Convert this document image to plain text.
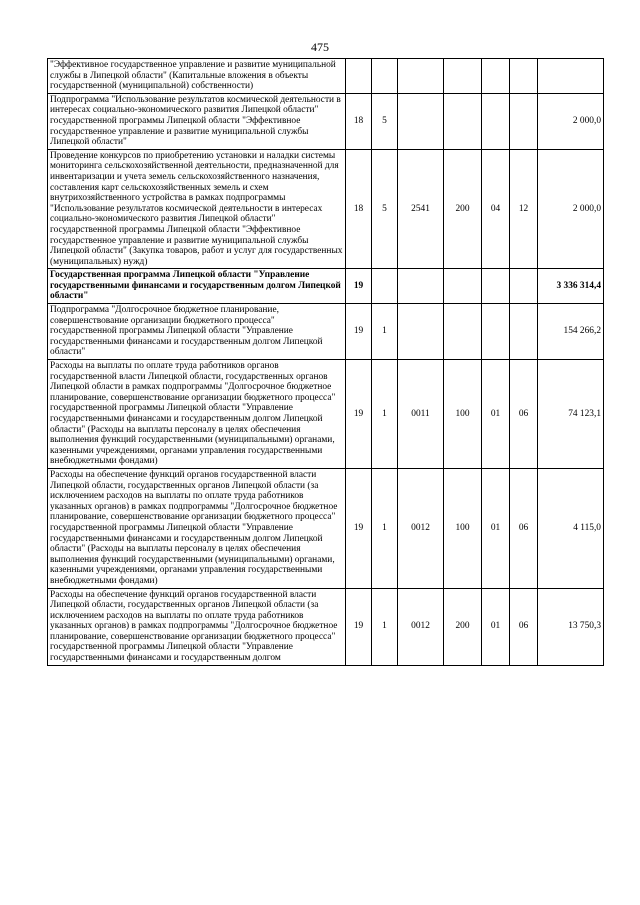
475
"Эффективное государственное управление и развитие муниципальной службы в Липецкой области" (Капитальные вложения в объекты государственной (муниципальной) собственности)							
Подпрограмма "Использование результатов космической деятельности в интересах социально-экономического развития Липецкой области" государственной программы Липецкой области "Эффективное государственное управление и развитие муниципальной службы Липецкой области"	18	5					2 000,0
Проведение конкурсов по приобретению установки и наладки системы мониторинга сельскохозяйственной деятельности, предназначенной для инвентаризации и учета земель сельскохозяйственного назначения, составления карт сельскохозяйственных земель и схем внутрихозяйственного устройства в рамках подпрограммы "Использование результатов космической деятельности в интересах социально-экономического развития Липецкой области" государственной программы Липецкой области "Эффективное государственное управление и развитие муниципальной службы Липецкой области" (Закупка товаров, работ и услуг для государственных (муниципальных) нужд)	18	5	2541	200	04	12	2 000,0
Государственная программа Липецкой области "Управление государственными финансами и государственным долгом Липецкой области"	19						3 336 314,4
Подпрограмма "Долгосрочное бюджетное планирование, совершенствование организации бюджетного процесса" государственной программы Липецкой области "Управление государственными финансами и государственным долгом Липецкой области"	19	1					154 266,2
Расходы на выплаты по оплате труда работников органов государственной власти Липецкой области, государственных органов Липецкой области в рамках подпрограммы "Долгосрочное бюджетное планирование, совершенствование организации бюджетного процесса" государственной программы Липецкой области "Управление государственными финансами и государственным долгом Липецкой области" (Расходы на выплаты персоналу в целях обеспечения выполнения функций государственными (муниципальными) органами, казенными учреждениями, органами управления государственными внебюджетными фондами)	19	1	0011	100	01	06	74 123,1
Расходы на обеспечение функций органов государственной власти Липецкой области, государственных органов Липецкой области (за исключением расходов на выплаты по оплате труда работников указанных органов) в рамках подпрограммы "Долгосрочное бюджетное планирование, совершенствование организации бюджетного процесса" государственной программы Липецкой области "Управление государственными финансами и государственным долгом Липецкой области" (Расходы на выплаты персоналу в целях обеспечения выполнения функций государственными (муниципальными) органами, казенными учреждениями, органами управления государственными внебюджетными фондами)	19	1	0012	100	01	06	4 115,0
Расходы на обеспечение функций органов государственной власти Липецкой области, государственных органов Липецкой области (за исключением расходов на выплаты по оплате труда работников указанных органов) в рамках подпрограммы "Долгосрочное бюджетное планирование, совершенствование организации бюджетного процесса" государственной программы Липецкой области "Управление государственными финансами и государственным долгом	19	1	0012	200	01	06	13 750,3
